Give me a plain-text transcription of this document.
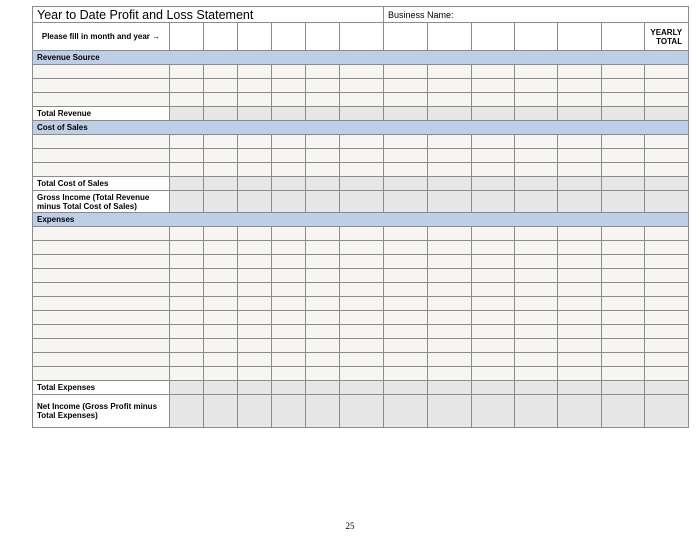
Year to Date Profit and Loss Statement							Business Name:						
Please fill in month and year →													YEARLY TOTAL
Revenue Source													

Total Revenue													
Cost of Sales													

Total Cost of Sales													
Gross Income (Total Revenue minus Total Cost of Sales)													
Expenses													

Total Expenses													
Net Income (Gross Profit minus Total Expenses)													
25
